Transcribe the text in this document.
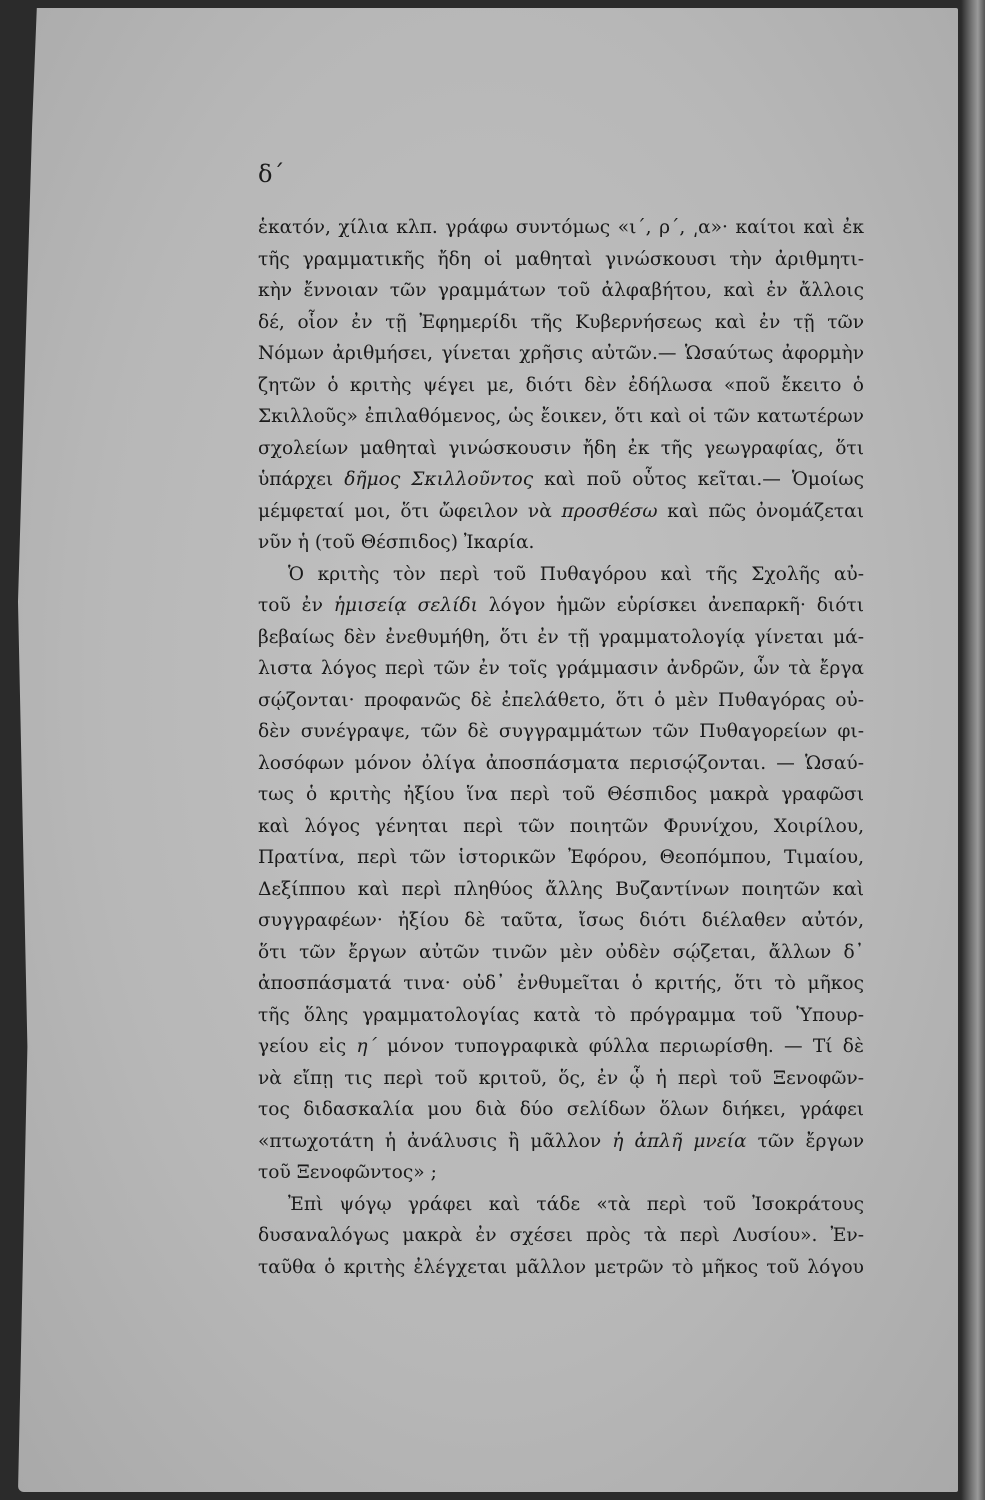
δ΄
ἑκατόν, χίλια κλπ. γράφω συντόμως «ι΄, ρ΄, ͵α»· καίτοι καὶ ἐκ
τῆς γραμματικῆς ἤδη οἱ μαθηταὶ γινώσκουσι τὴν ἀριθμητι-
κὴν ἔννοιαν τῶν γραμμάτων τοῦ ἀλφαβήτου, καὶ ἐν ἄλλοις
δέ, οἷον ἐν τῇ Ἐφημερίδι τῆς Κυβερνήσεως καὶ ἐν τῇ τῶν
Νόμων ἀριθμήσει, γίνεται χρῆσις αὐτῶν.— Ὡσαύτως ἀφορμὴν
ζητῶν ὁ κριτὴς ψέγει με, διότι δὲν ἐδήλωσα «ποῦ ἔκειτο ὁ
Σκιλλοῦς» ἐπιλαθόμενος, ὡς ἔοικεν, ὅτι καὶ οἱ τῶν κατωτέρων
σχολείων μαθηταὶ γινώσκουσιν ἤδη ἐκ τῆς γεωγραφίας, ὅτι
ὑπάρχει δῆμος Σκιλλοῦντος καὶ ποῦ οὗτος κεῖται.— Ὁμοίως
μέμφεταί μοι, ὅτι ὤφειλον νὰ προσθέσω καὶ πῶς ὀνομάζεται
νῦν ἡ (τοῦ Θέσπιδος) Ἰκαρία.
Ὁ κριτὴς τὸν περὶ τοῦ Πυθαγόρου καὶ τῆς Σχολῆς αὐ-
τοῦ ἐν ἡμισείᾳ σελίδι λόγον ἡμῶν εὑρίσκει ἀνεπαρκῆ· διότι
βεβαίως δὲν ἐνεθυμήθη, ὅτι ἐν τῇ γραμματολογίᾳ γίνεται μά-
λιστα λόγος περὶ τῶν ἐν τοῖς γράμμασιν ἀνδρῶν, ὧν τὰ ἔργα
σῴζονται· προφανῶς δὲ ἐπελάθετο, ὅτι ὁ μὲν Πυθαγόρας οὐ-
δὲν συνέγραψε, τῶν δὲ συγγραμμάτων τῶν Πυθαγορείων φι-
λοσόφων μόνον ὀλίγα ἀποσπάσματα περισῴζονται. — Ὡσαύ-
τως ὁ κριτὴς ἠξίου ἵνα περὶ τοῦ Θέσπιδος μακρὰ γραφῶσι
καὶ λόγος γένηται περὶ τῶν ποιητῶν Φρυνίχου, Χοιρίλου,
Πρατίνα, περὶ τῶν ἱστορικῶν Ἐφόρου, Θεοπόμπου, Τιμαίου,
Δεξίππου καὶ περὶ πληθύος ἄλλης Βυζαντίνων ποιητῶν καὶ
συγγραφέων· ἠξίου δὲ ταῦτα, ἴσως διότι διέλαθεν αὐτόν,
ὅτι τῶν ἔργων αὐτῶν τινῶν μὲν οὐδὲν σῴζεται, ἄλλων δ᾽
ἀποσπάσματά τινα· οὐδ᾽ ἐνθυμεῖται ὁ κριτής, ὅτι τὸ μῆκος
τῆς ὅλης γραμματολογίας κατὰ τὸ πρόγραμμα τοῦ Ὑπουρ-
γείου εἰς η΄ μόνον τυπογραφικὰ φύλλα περιωρίσθη. — Τί δὲ
νὰ εἴπῃ τις περὶ τοῦ κριτοῦ, ὅς, ἐν ᾧ ἡ περὶ τοῦ Ξενοφῶν-
τος διδασκαλία μου διὰ δύο σελίδων ὅλων διήκει, γράφει
«πτωχοτάτη ἡ ἀνάλυσις ἢ μᾶλλον ἡ ἁπλῆ μνεία τῶν ἔργων
τοῦ Ξενοφῶντος» ;
Ἐπὶ ψόγῳ γράφει καὶ τάδε «τὰ περὶ τοῦ Ἰσοκράτους
δυσαναλόγως μακρὰ ἐν σχέσει πρὸς τὰ περὶ Λυσίου». Ἐν-
ταῦθα ὁ κριτὴς ἐλέγχεται μᾶλλον μετρῶν τὸ μῆκος τοῦ λόγου
